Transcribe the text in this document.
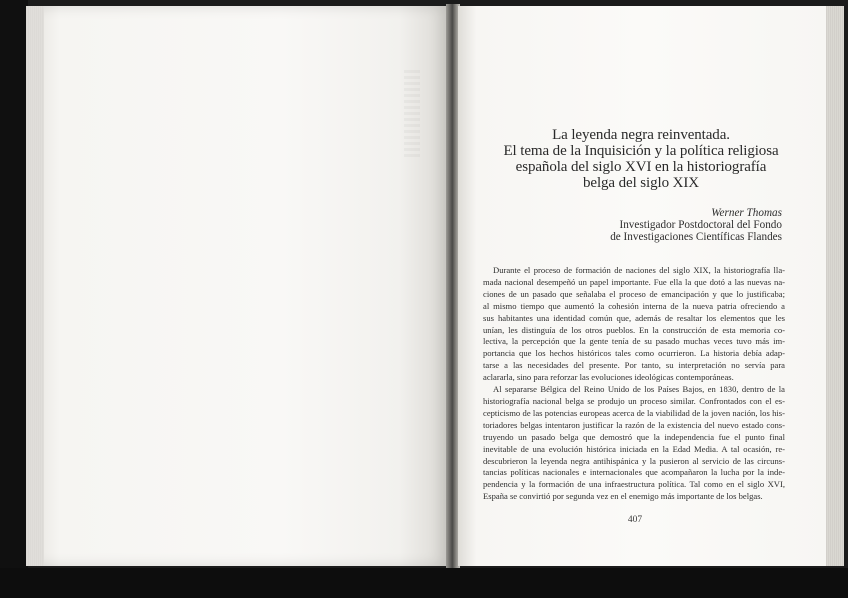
La leyenda negra reinventada.
El tema de la Inquisición y la política religiosa
española del siglo XVI en la historiografía
belga del siglo XIX
Werner Thomas
Investigador Postdoctoral del Fondo
de Investigaciones Científicas Flandes
Durante el proceso de formación de naciones del siglo XIX, la historiografía lla-
mada nacional desempeñó un papel importante. Fue ella la que dotó a las nuevas na-
ciones de un pasado que señalaba el proceso de emancipación y que lo justificaba;
al mismo tiempo que aumentó la cohesión interna de la nueva patria ofreciendo a
sus habitantes una identidad común que, además de resaltar los elementos que les
unían, les distinguía de los otros pueblos. En la construcción de esta memoria co-
lectiva, la percepción que la gente tenía de su pasado muchas veces tuvo más im-
portancia que los hechos históricos tales como ocurrieron. La historia debía adap-
tarse a las necesidades del presente. Por tanto, su interpretación no servía para
aclararla, sino para reforzar las evoluciones ideológicas contemporáneas.
Al separarse Bélgica del Reino Unido de los Países Bajos, en 1830, dentro de la
historiografía nacional belga se produjo un proceso similar. Confrontados con el es-
cepticismo de las potencias europeas acerca de la viabilidad de la joven nación, los his-
toriadores belgas intentaron justificar la razón de la existencia del nuevo estado cons-
truyendo un pasado belga que demostró que la independencia fue el punto final
inevitable de una evolución histórica iniciada en la Edad Media. A tal ocasión, re-
descubrieron la leyenda negra antihispánica y la pusieron al servicio de las circuns-
tancias políticas nacionales e internacionales que acompañaron la lucha por la inde-
pendencia y la formación de una infraestructura política. Tal como en el siglo XVI,
España se convirtió por segunda vez en el enemigo más importante de los belgas.
407
